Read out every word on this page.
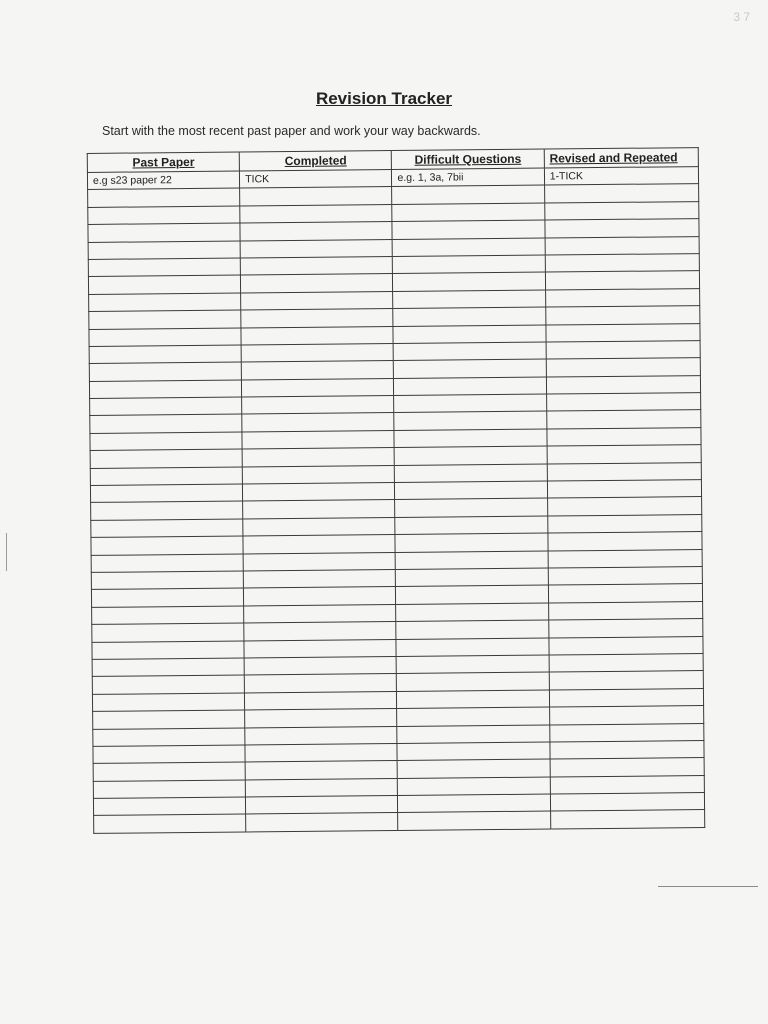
3 7
Revision Tracker
Start with the most recent past paper and work your way backwards.
Past Paper	Completed	Difficult Questions	Revised and Repeated
e.g s23 paper 22	TICK	e.g. 1, 3a, 7bii	1-TICK
